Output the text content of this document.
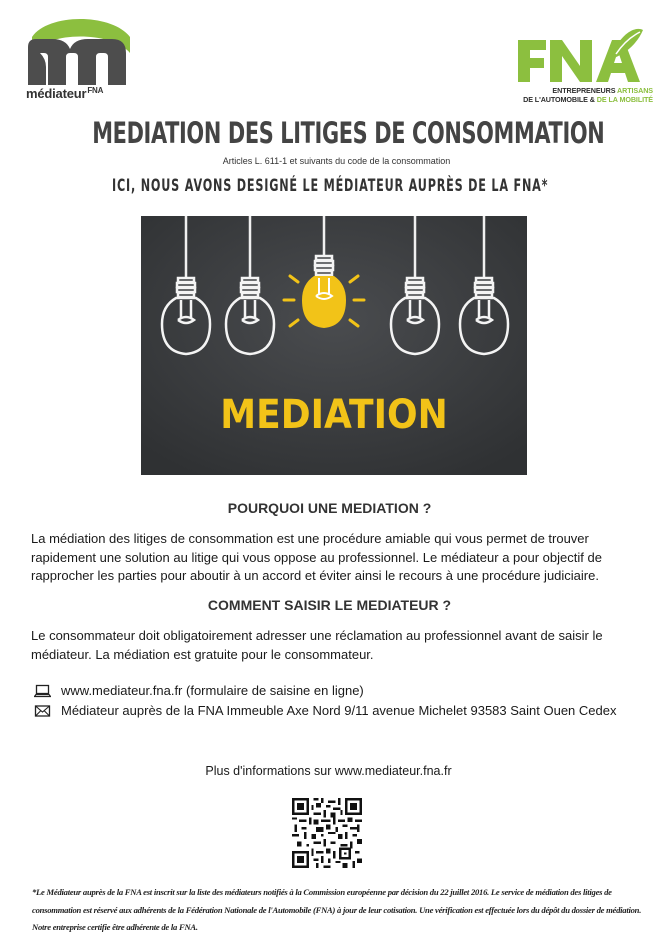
médiateur$^{FNA}$	ENTREPRENEURS ARTISANS
DE L'AUTOMOBILE & DE LA MOBILITÉ
MEDIATION DES LITIGES DE CONSOMMATION
Articles L. 611-1 et suivants du code de la consommation
ICI, NOUS AVONS DESIGNÉ LE MÉDIATEUR AUPRÈS DE LA FNA*
MEDIATION
POURQUOI UNE MEDIATION ?
La médiation des litiges de consommation est une procédure amiable qui vous permet de trouver
rapidement une solution au litige qui vous oppose au professionnel. Le médiateur a pour objectif de
rapprocher les parties pour aboutir à un accord et éviter ainsi le recours à une procédure judiciaire.
COMMENT SAISIR LE MEDIATEUR ?
Le consommateur doit obligatoirement adresser une réclamation au professionnel avant de saisir le
médiateur. La médiation est gratuite pour le consommateur.
www.mediateur.fna.fr (formulaire de saisine en ligne)
Médiateur auprès de la FNA Immeuble Axe Nord 9/11 avenue Michelet 93583 Saint Ouen Cedex
Plus d'informations sur www.mediateur.fna.fr
*Le Médiateur auprès de la FNA est inscrit sur la liste des médiateurs notifiés à la Commission européenne par décision du 22 juillet 2016. Le service de médiation des litiges de
consommation est réservé aux adhérents de la Fédération Nationale de l'Automobile (FNA) à jour de leur cotisation. Une vérification est effectuée lors du dépôt du dossier de médiation.
Notre entreprise certifie être adhérente de la FNA.
